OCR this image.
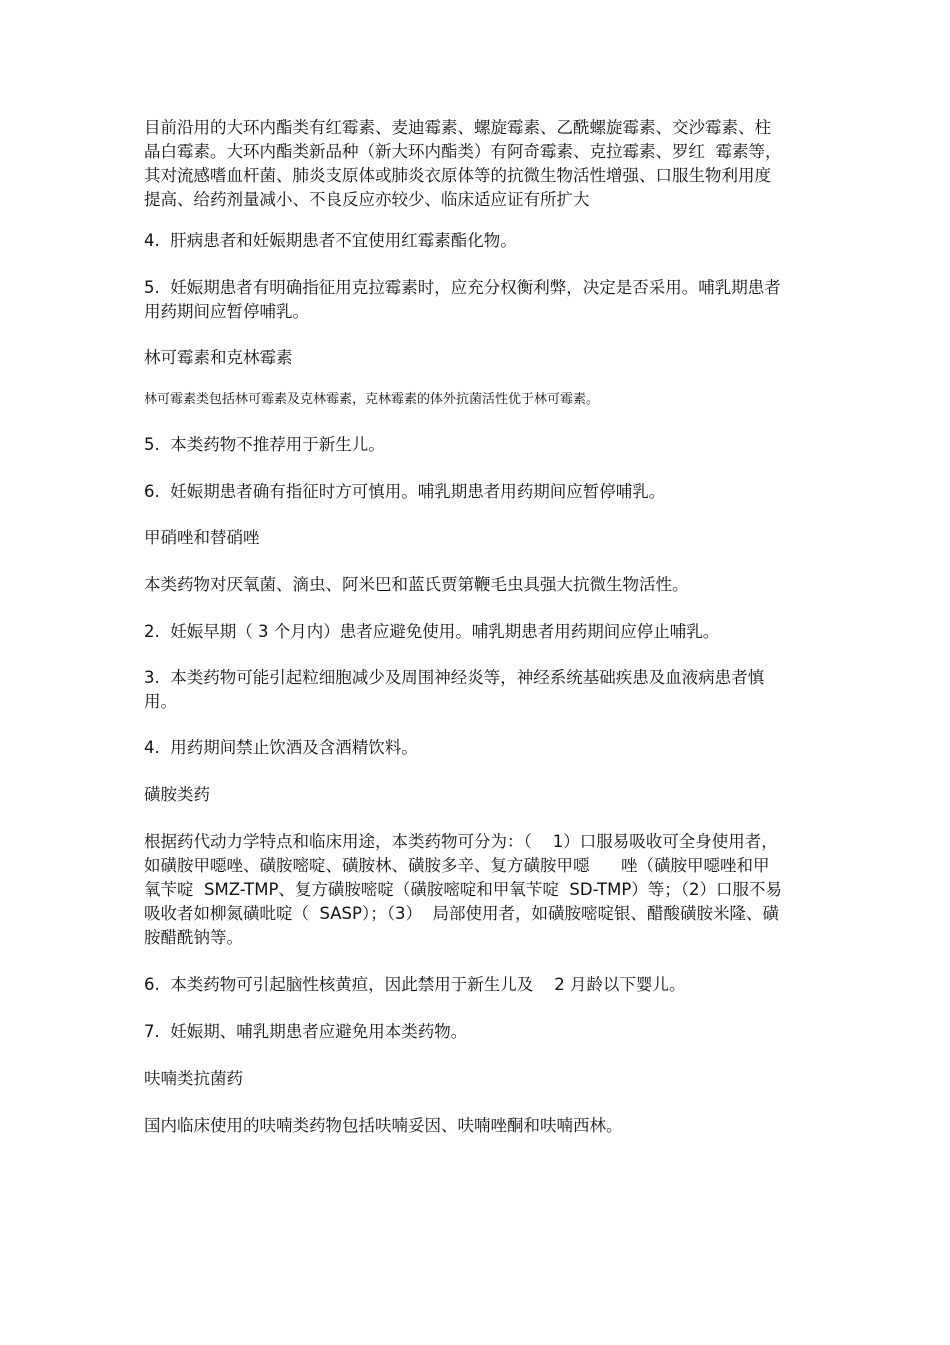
目前沿用的大环内酯类有红霉素、麦迪霉素、螺旋霉素、乙酰螺旋霉素、交沙霉素、柱晶白霉素。大环内酯类新品种（新大环内酯类）有阿奇霉素、克拉霉素、罗红  霉素等，其对流感嗜血杆菌、肺炎支原体或肺炎衣原体等的抗微生物活性增强、口服生物利用度提高、给药剂量减小、不良反应亦较少、临床适应证有所扩大

4.  肝病患者和妊娠期患者不宜使用红霉素酯化物。

5.  妊娠期患者有明确指征用克拉霉素时，应充分权衡利弊，决定是否采用。哺乳期患者用药期间应暂停哺乳。

林可霉素和克林霉素

林可霉素类包括林可霉素及克林霉素，克林霉素的体外抗菌活性优于林可霉素。

5.  本类药物不推荐用于新生儿。

6.  妊娠期患者确有指征时方可慎用。哺乳期患者用药期间应暂停哺乳。

甲硝唑和替硝唑

本类药物对厌氧菌、滴虫、阿米巴和蓝氏贾第鞭毛虫具强大抗微生物活性。

2.  妊娠早期（ 3 个月内）患者应避免使用。哺乳期患者用药期间应停止哺乳。

3.  本类药物可能引起粒细胞减少及周围神经炎等，神经系统基础疾患及血液病患者慎用。

4.  用药期间禁止饮酒及含酒精饮料。

磺胺类药

根据药代动力学特点和临床用途，本类药物可分为：（    1）口服易吸收可全身使用者，如磺胺甲噁唑、磺胺嘧啶、磺胺林、磺胺多辛、复方磺胺甲噁      唑（磺胺甲噁唑和甲氧苄啶  SMZ-TMP、复方磺胺嘧啶（磺胺嘧啶和甲氧苄啶  SD-TMP）等；（2）口服不易吸收者如柳氮磺吡啶（  SASP）；（3）  局部使用者，如磺胺嘧啶银、醋酸磺胺米隆、磺胺醋酰钠等。

6.  本类药物可引起脑性核黄疸，因此禁用于新生儿及    2 月龄以下婴儿。

7.  妊娠期、哺乳期患者应避免用本类药物。

呋喃类抗菌药

国内临床使用的呋喃类药物包括呋喃妥因、呋喃唑酮和呋喃西林。
